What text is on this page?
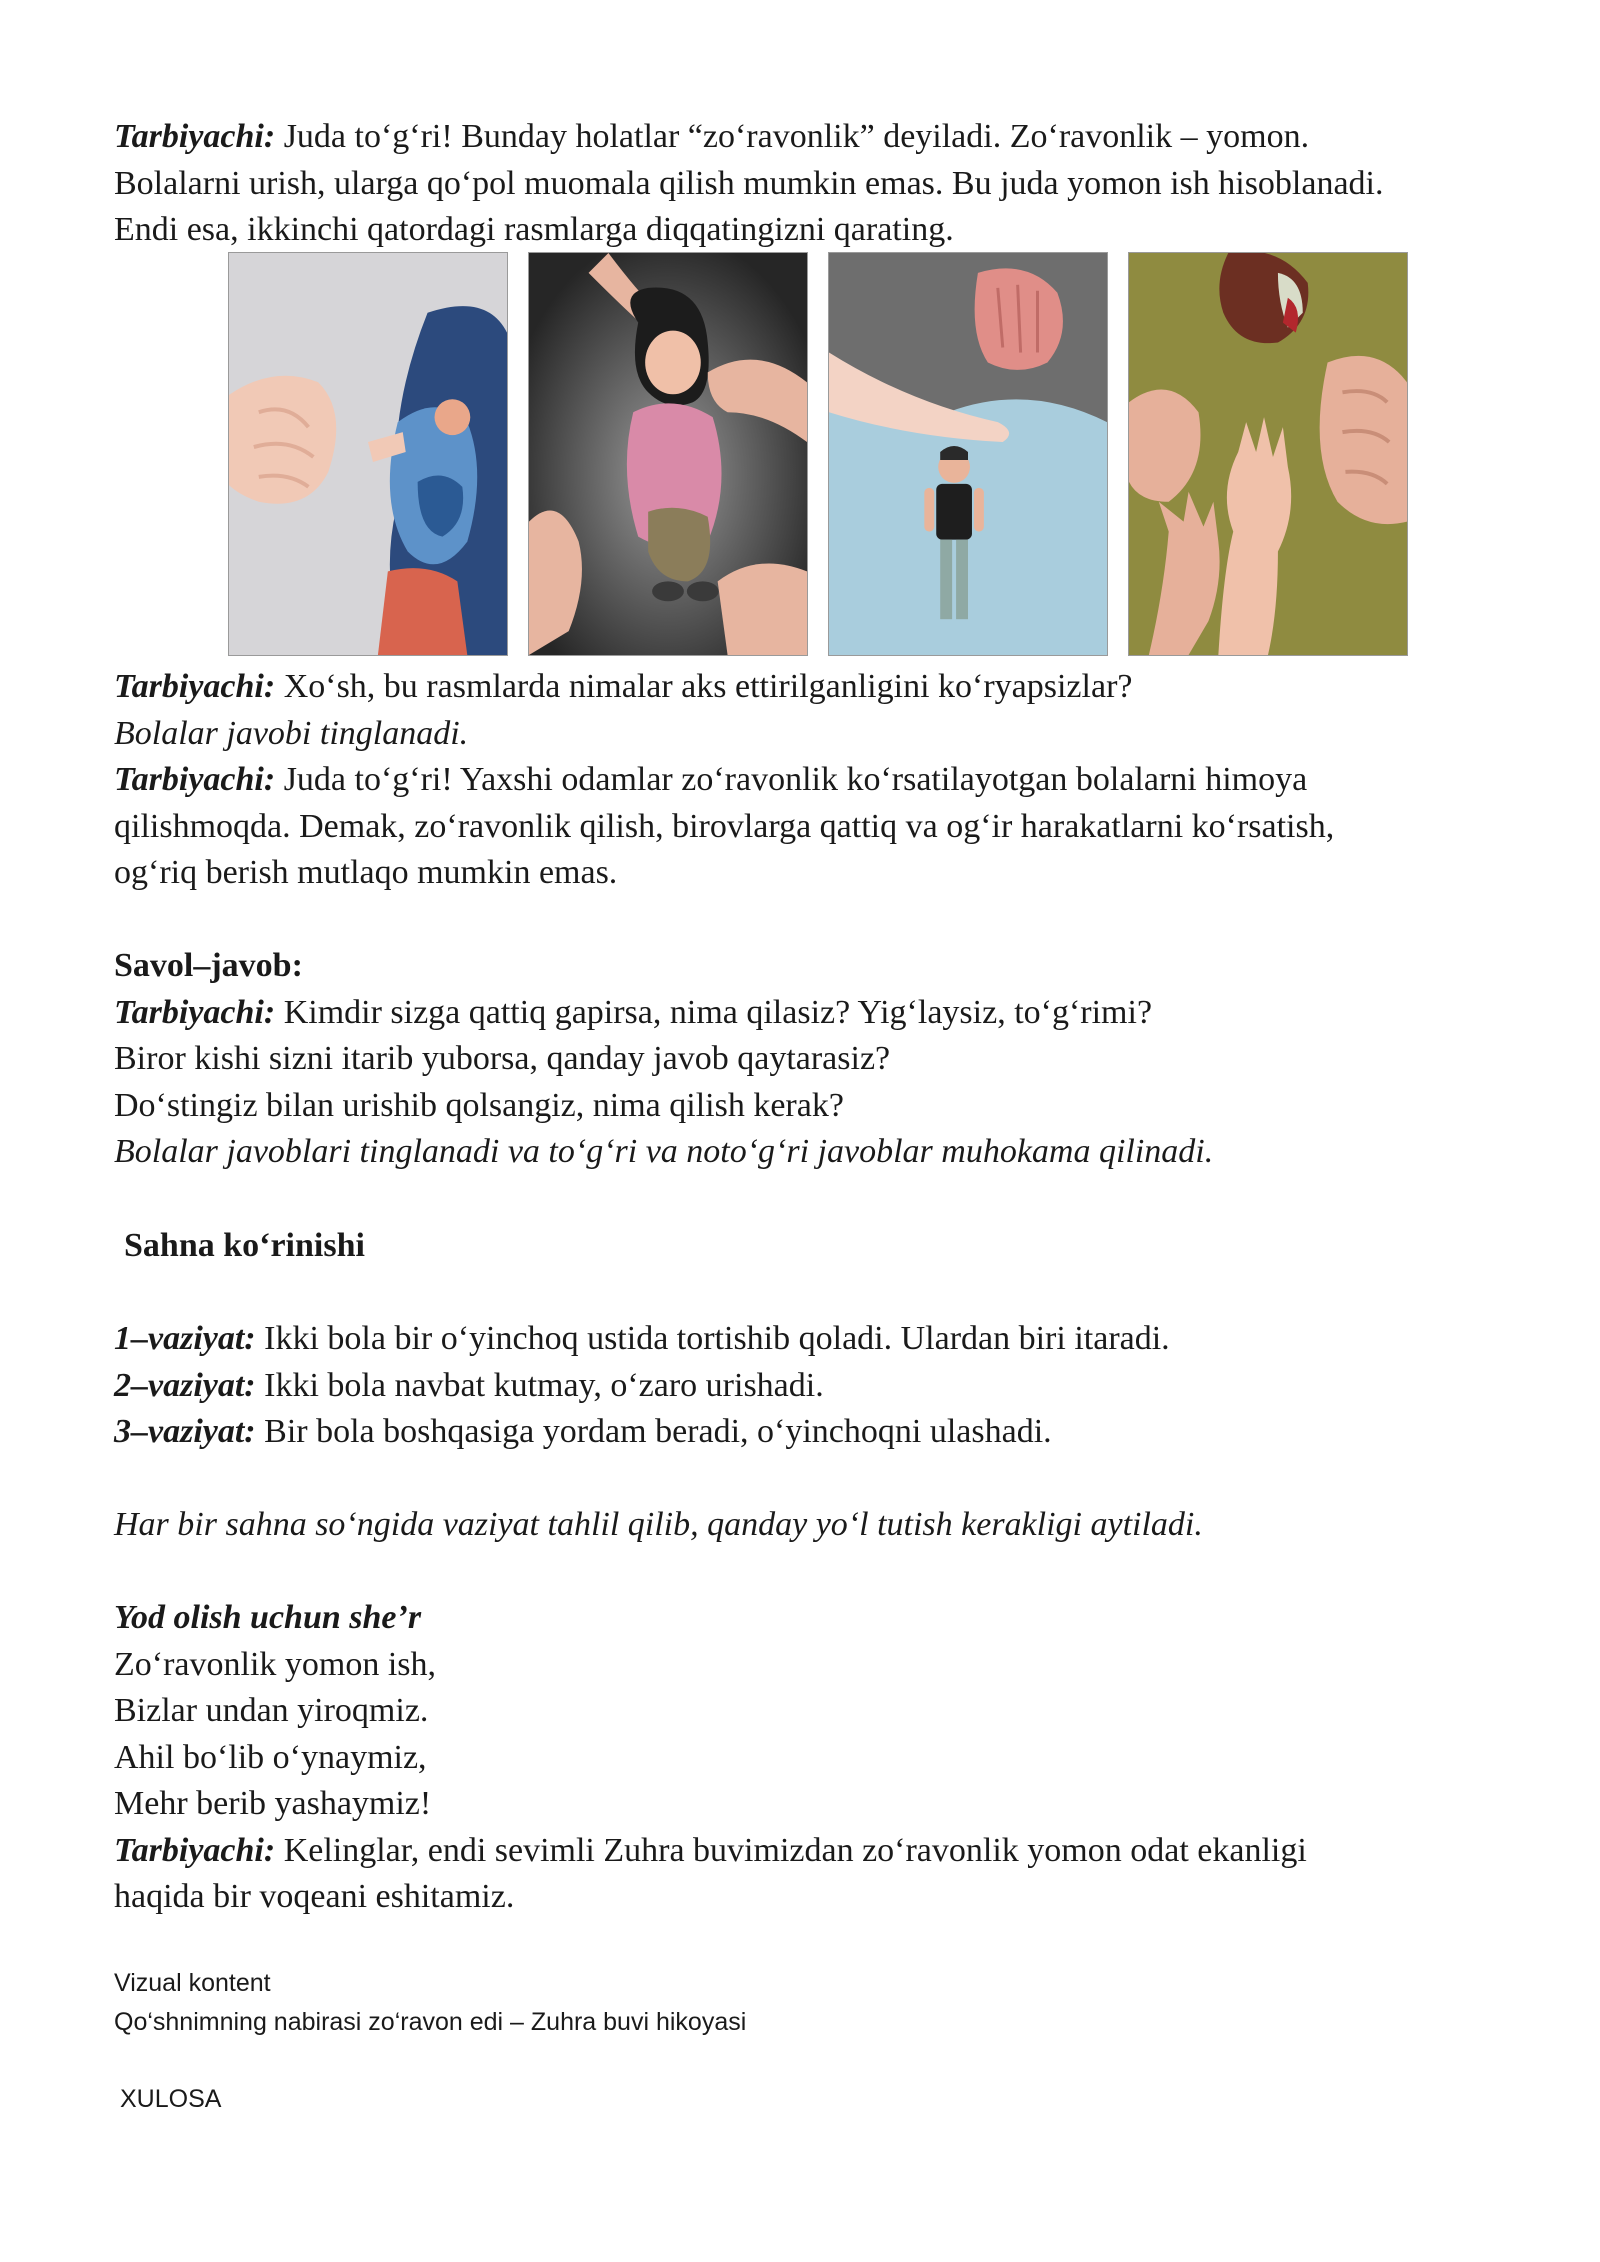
Tarbiyachi: Juda to‘g‘ri! Bunday holatlar “zo‘ravonlik” deyiladi. Zo‘ravonlik – yomon.

Bolalarni urish, ularga qo‘pol muomala qilish mumkin emas. Bu juda yomon ish hisoblanadi.

Endi esa, ikkinchi qatordagi rasmlarga diqqatingizni qarating.

Tarbiyachi: Xo‘sh, bu rasmlarda nimalar aks ettirilganligini ko‘ryapsizlar?

Bolalar javobi tinglanadi.

Tarbiyachi: Juda to‘g‘ri! Yaxshi odamlar zo‘ravonlik ko‘rsatilayotgan bolalarni himoya

qilishmoqda. Demak, zo‘ravonlik qilish, birovlarga qattiq va og‘ir harakatlarni ko‘rsatish,

og‘riq berish mutlaqo mumkin emas.

Savol–javob:

Tarbiyachi: Kimdir sizga qattiq gapirsa, nima qilasiz? Yig‘laysiz, to‘g‘rimi?

Biror kishi sizni itarib yuborsa, qanday javob qaytarasiz?

Do‘stingiz bilan urishib qolsangiz, nima qilish kerak?

Bolalar javoblari tinglanadi va to‘g‘ri va noto‘g‘ri javoblar muhokama qilinadi.

Sahna ko‘rinishi

1–vaziyat: Ikki bola bir o‘yinchoq ustida tortishib qoladi. Ulardan biri itaradi.

2–vaziyat: Ikki bola navbat kutmay, o‘zaro urishadi.

3–vaziyat: Bir bola boshqasiga yordam beradi, o‘yinchoqni ulashadi.

Har bir sahna so‘ngida vaziyat tahlil qilib, qanday yo‘l tutish kerakligi aytiladi.

Yod olish uchun she’r

Zo‘ravonlik yomon ish,

Bizlar undan yiroqmiz.

Ahil bo‘lib o‘ynaymiz,

Mehr berib yashaymiz!

Tarbiyachi: Kelinglar, endi sevimli Zuhra buvimizdan zo‘ravonlik yomon odat ekanligi

haqida bir voqeani eshitamiz.

Vizual kontent
Qo‘shnimning nabirasi zo‘ravon edi – Zuhra buvi hikoyasi
XULOSA
